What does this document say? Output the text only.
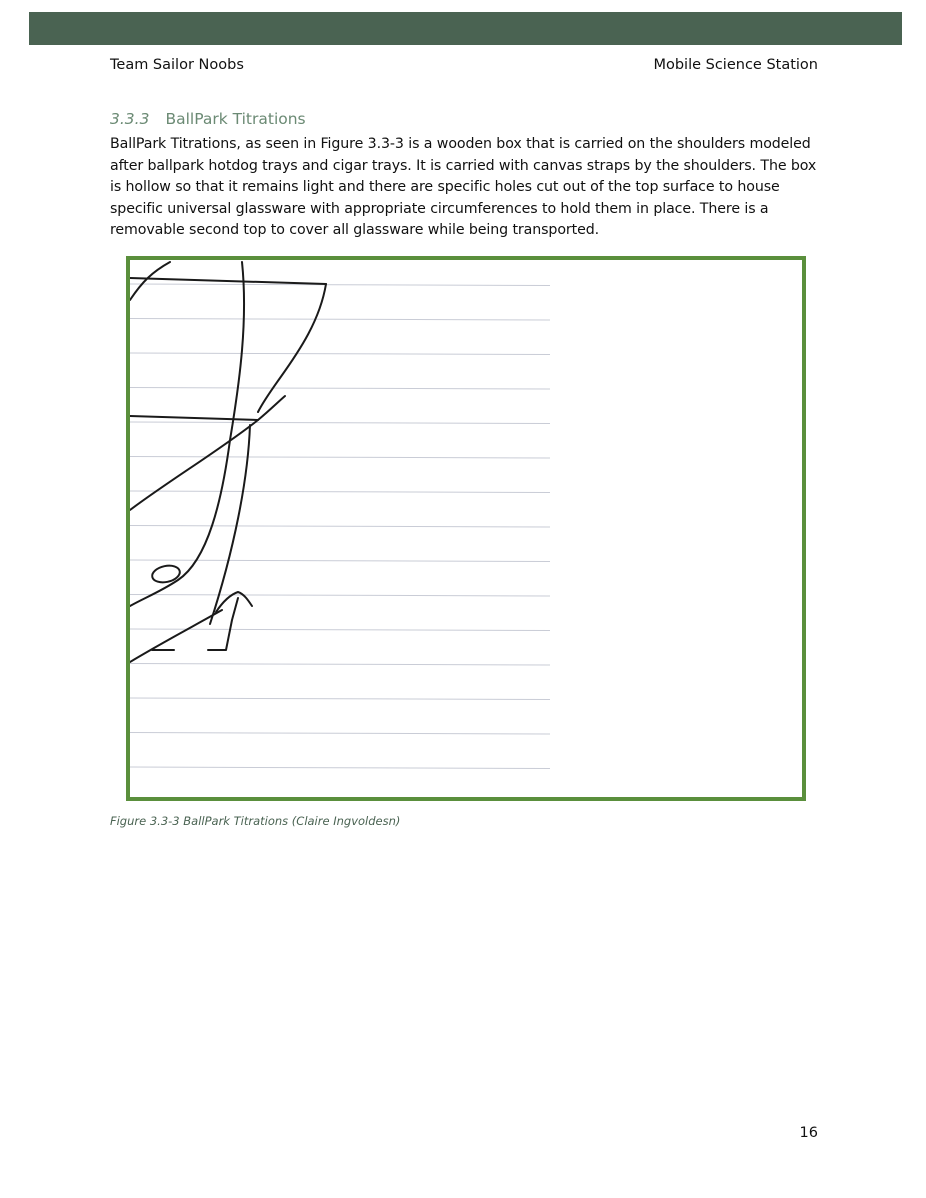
Team Sailor Noobs	Mobile Science Station
3.3.3 BallPark Titrations
BallPark Titrations, as seen in Figure 3.3-3 is a wooden box that is carried on the shoulders modeled after ballpark hotdog trays and cigar trays. It is carried with canvas straps by the shoulders. The box is hollow so that it remains light and there are specific holes cut out of the top surface to house specific universal glassware with appropriate circumferences to hold them in place. There is a removable second top to cover all glassware while being transported.
Figure 3.3-3 BallPark Titrations (Claire Ingvoldesn)
16
